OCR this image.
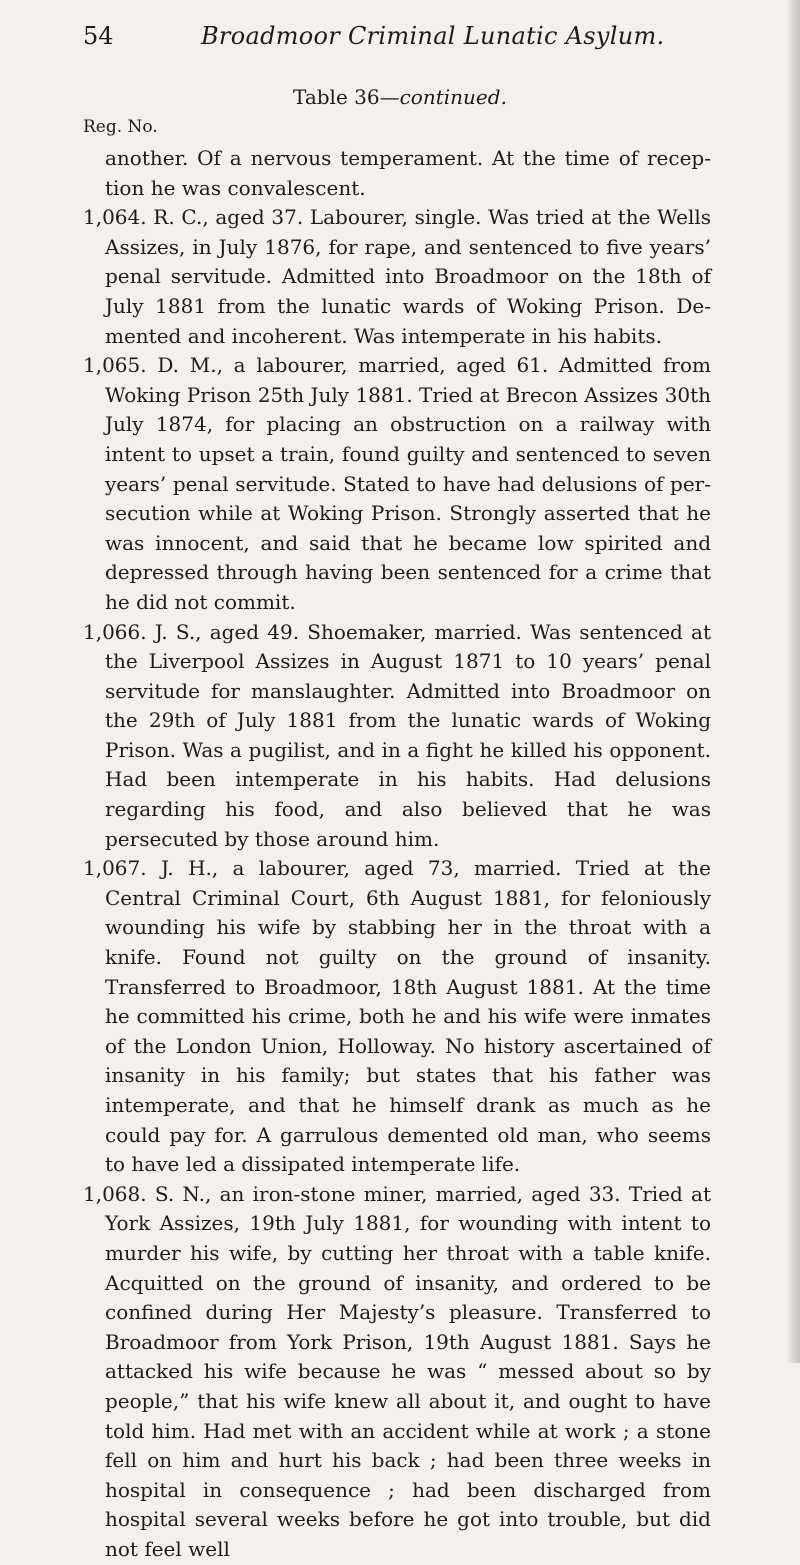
54	Broadmoor Criminal Lunatic Asylum.
Table 36—continued.
Reg. No.

another. Of a nervous temperament. At the time of recep-tion he was convalescent.

1,064. R. C., aged 37. Labourer, single. Was tried at the Wells Assizes, in July 1876, for rape, and sentenced to five years’ penal servitude. Admitted into Broadmoor on the 18th of July 1881 from the lunatic wards of Woking Prison. De-mented and incoherent. Was intemperate in his habits.

1,065. D. M., a labourer, married, aged 61. Admitted from Woking Prison 25th July 1881. Tried at Brecon Assizes 30th July 1874, for placing an obstruction on a railway with intent to upset a train, found guilty and sentenced to seven years’ penal servitude. Stated to have had delusions of per-secution while at Woking Prison. Strongly asserted that he was innocent, and said that he became low spirited and depressed through having been sentenced for a crime that he did not commit.

1,066. J. S., aged 49. Shoemaker, married. Was sentenced at the Liverpool Assizes in August 1871 to 10 years’ penal servitude for manslaughter. Admitted into Broadmoor on the 29th of July 1881 from the lunatic wards of Woking Prison. Was a pugilist, and in a fight he killed his opponent. Had been intemperate in his habits. Had delusions regarding his food, and also believed that he was persecuted by those around him.

1,067. J. H., a labourer, aged 73, married. Tried at the Central Criminal Court, 6th August 1881, for feloniously wounding his wife by stabbing her in the throat with a knife. Found not guilty on the ground of insanity. Transferred to Broadmoor, 18th August 1881. At the time he committed his crime, both he and his wife were inmates of the London Union, Holloway. No history ascertained of insanity in his family; but states that his father was intemperate, and that he himself drank as much as he could pay for. A garrulous demented old man, who seems to have led a dissipated intemperate life.

1,068. S. N., an iron-stone miner, married, aged 33. Tried at York Assizes, 19th July 1881, for wounding with intent to murder his wife, by cutting her throat with a table knife. Acquitted on the ground of insanity, and ordered to be confined during Her Majesty’s pleasure. Transferred to Broadmoor from York Prison, 19th August 1881. Says he attacked his wife because he was “ messed about so by people,” that his wife knew all about it, and ought to have told him. Had met with an accident while at work ; a stone fell on him and hurt his back ; had been three weeks in hospital in consequence ; had been discharged from hospital several weeks before he got into trouble, but did not feel well
